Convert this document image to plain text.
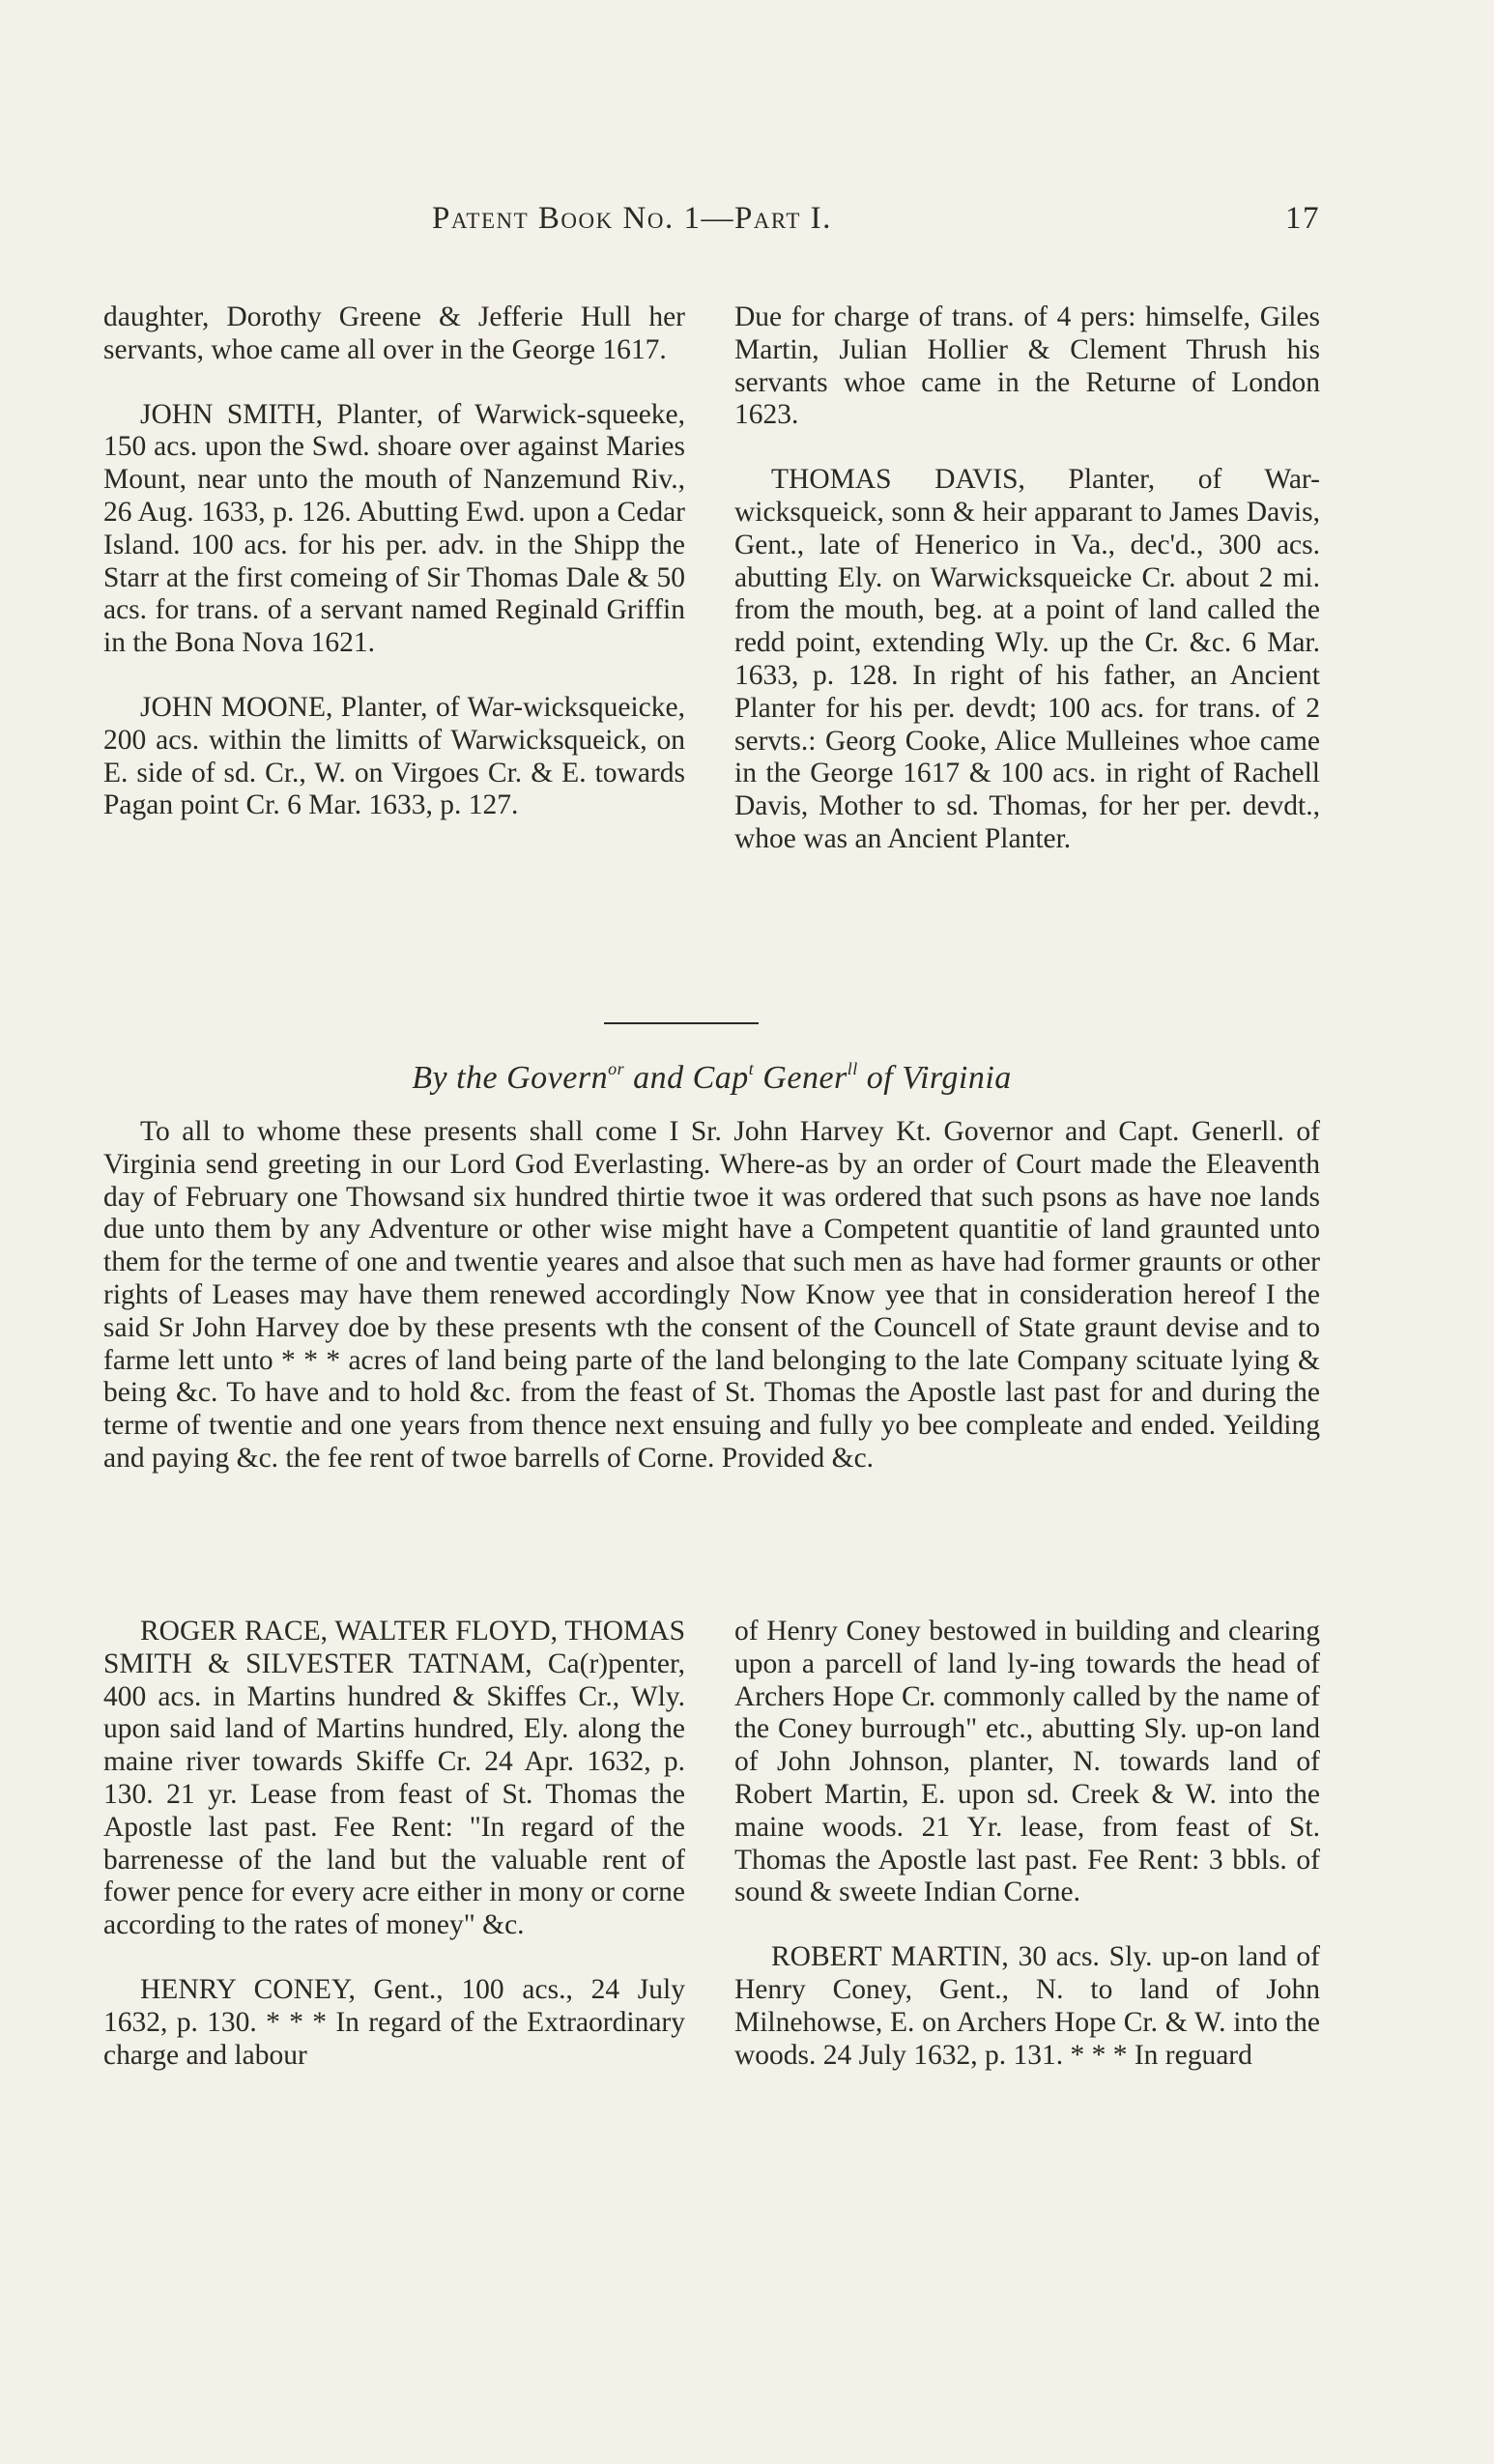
Patent Book No. 1—Part I.	17

daughter, Dorothy Greene & Jefferie Hull her servants, whoe came all over in the George 1617.

JOHN SMITH, Planter, of Warwick-squeeke, 150 acs. upon the Swd. shoare over against Maries Mount, near unto the mouth of Nanzemund Riv., 26 Aug. 1633, p. 126. Abutting Ewd. upon a Cedar Island. 100 acs. for his per. adv. in the Shipp the Starr at the first comeing of Sir Thomas Dale & 50 acs. for trans. of a servant named Reginald Griffin in the Bona Nova 1621.

JOHN MOONE, Planter, of War-wicksqueicke, 200 acs. within the limitts of Warwicksqueick, on E. side of sd. Cr., W. on Virgoes Cr. & E. towards Pagan point Cr. 6 Mar. 1633, p. 127.

Due for charge of trans. of 4 pers: himselfe, Giles Martin, Julian Hollier & Clement Thrush his servants whoe came in the Returne of London 1623.

THOMAS DAVIS, Planter, of War-wicksqueick, sonn & heir apparant to James Davis, Gent., late of Henerico in Va., dec'd., 300 acs. abutting Ely. on Warwicksqueicke Cr. about 2 mi. from the mouth, beg. at a point of land called the redd point, extending Wly. up the Cr. &c. 6 Mar. 1633, p. 128. In right of his father, an Ancient Planter for his per. devdt; 100 acs. for trans. of 2 servts.: Georg Cooke, Alice Mulleines whoe came in the George 1617 & 100 acs. in right of Rachell Davis, Mother to sd. Thomas, for her per. devdt., whoe was an Ancient Planter.

By the Govern$^{or}$ and Cap$^t$ Gener$^{ll}$ of Virginia

To all to whome these presents shall come I Sr. John Harvey Kt. Governor and Capt. Generll. of Virginia send greeting in our Lord God Everlasting. Where-as by an order of Court made the Eleaventh day of February one Thowsand six hundred thirtie twoe it was ordered that such psons as have noe lands due unto them by any Adventure or other wise might have a Competent quantitie of land graunted unto them for the terme of one and twentie yeares and alsoe that such men as have had former graunts or other rights of Leases may have them renewed accordingly Now Know yee that in consideration hereof I the said Sr John Harvey doe by these presents wth the consent of the Councell of State graunt devise and to farme lett unto * * * acres of land being parte of the land belonging to the late Company scituate lying & being &c. To have and to hold &c. from the feast of St. Thomas the Apostle last past for and during the terme of twentie and one years from thence next ensuing and fully yo bee compleate and ended. Yeilding and paying &c. the fee rent of twoe barrells of Corne. Provided &c.

ROGER RACE, WALTER FLOYD, THOMAS SMITH & SILVESTER TATNAM, Ca(r)penter, 400 acs. in Martins hundred & Skiffes Cr., Wly. upon said land of Martins hundred, Ely. along the maine river towards Skiffe Cr. 24 Apr. 1632, p. 130. 21 yr. Lease from feast of St. Thomas the Apostle last past. Fee Rent: "In regard of the barrenesse of the land but the valuable rent of fower pence for every acre either in mony or corne according to the rates of money" &c.

HENRY CONEY, Gent., 100 acs., 24 July 1632, p. 130. * * * In regard of the Extraordinary charge and labour

of Henry Coney bestowed in building and clearing upon a parcell of land ly-ing towards the head of Archers Hope Cr. commonly called by the name of the Coney burrough" etc., abutting Sly. up-on land of John Johnson, planter, N. towards land of Robert Martin, E. upon sd. Creek & W. into the maine woods. 21 Yr. lease, from feast of St. Thomas the Apostle last past. Fee Rent: 3 bbls. of sound & sweete Indian Corne.

ROBERT MARTIN, 30 acs. Sly. up-on land of Henry Coney, Gent., N. to land of John Milnehowse, E. on Archers Hope Cr. & W. into the woods. 24 July 1632, p. 131. * * * In reguard
